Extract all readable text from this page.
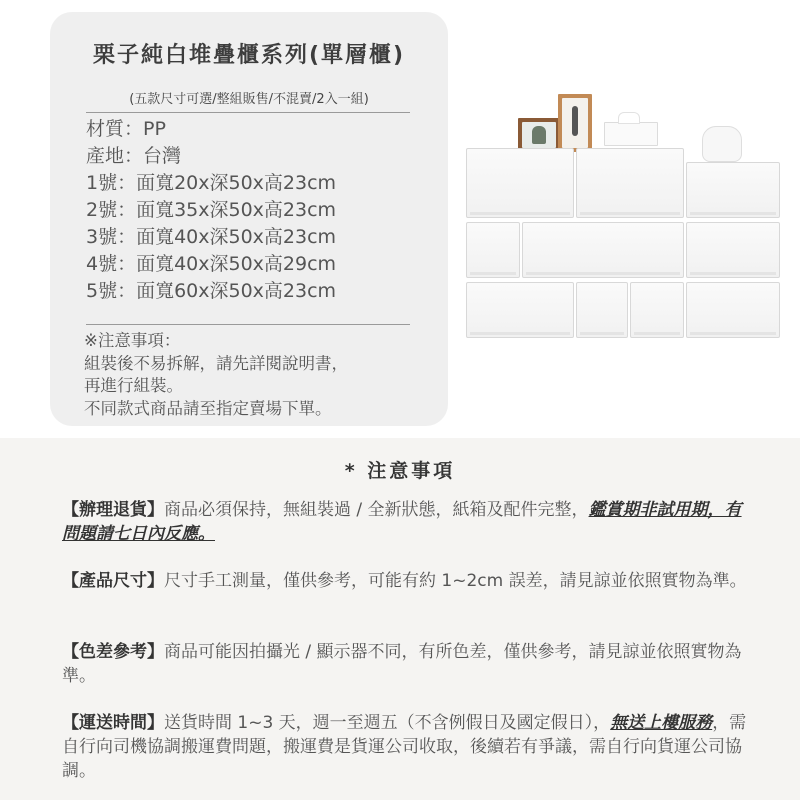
栗子純白堆疊櫃系列(單層櫃)
(五款尺寸可選/整組販售/不混賣/2入一組)
材質：PP
產地：台灣
1號：面寬20x深50x高23cm
2號：面寬35x深50x高23cm
3號：面寬40x深50x高23cm
4號：面寬40x深50x高29cm
5號：面寬60x深50x高23cm

※注意事項：

組裝後不易拆解，請先詳閱說明書，

再進行組裝。

不同款式商品請至指定賣場下單。

* 注意事項
【辦理退貨】商品必須保持，無組裝過 / 全新狀態，紙箱及配件完整，鑑賞期非試用期，有問題請七日內反應。
【產品尺寸】尺寸手工測量，僅供參考，可能有約 1~2cm 誤差，請見諒並依照實物為準。
【色差參考】商品可能因拍攝光 / 顯示器不同，有所色差，僅供參考，請見諒並依照實物為準。
【運送時間】送貨時間 1~3 天，週一至週五（不含例假日及國定假日），無送上樓服務，需自行向司機協調搬運費問題，搬運費是貨運公司收取，後續若有爭議，需自行向貨運公司協調。
